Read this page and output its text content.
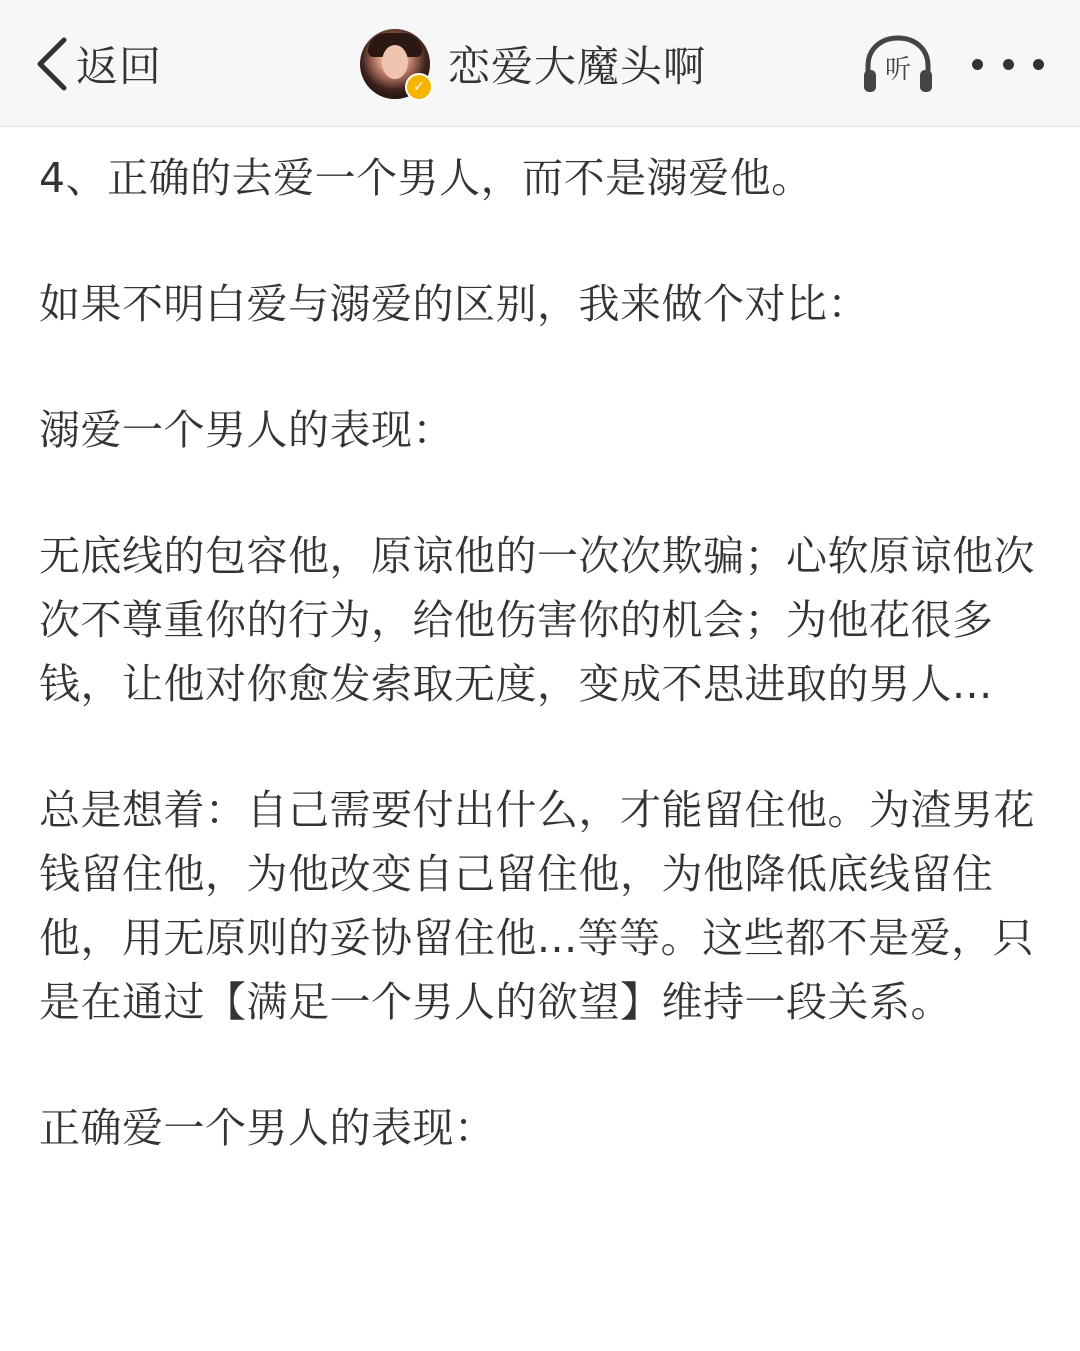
返回	✓ 恋爱大魔头啊	听

4、正确的去爱一个男人，而不是溺爱他。

如果不明白爱与溺爱的区别，我来做个对比：

溺爱一个男人的表现：

无底线的包容他，原谅他的一次次欺骗；心软原谅他次次不尊重你的行为，给他伤害你的机会；为他花很多钱，让他对你愈发索取无度，变成不思进取的男人...

总是想着：自己需要付出什么，才能留住他。为渣男花钱留住他，为他改变自己留住他，为他降低底线留住他，用无原则的妥协留住他...等等。这些都不是爱，只是在通过【满足一个男人的欲望】维持一段关系。

正确爱一个男人的表现：
